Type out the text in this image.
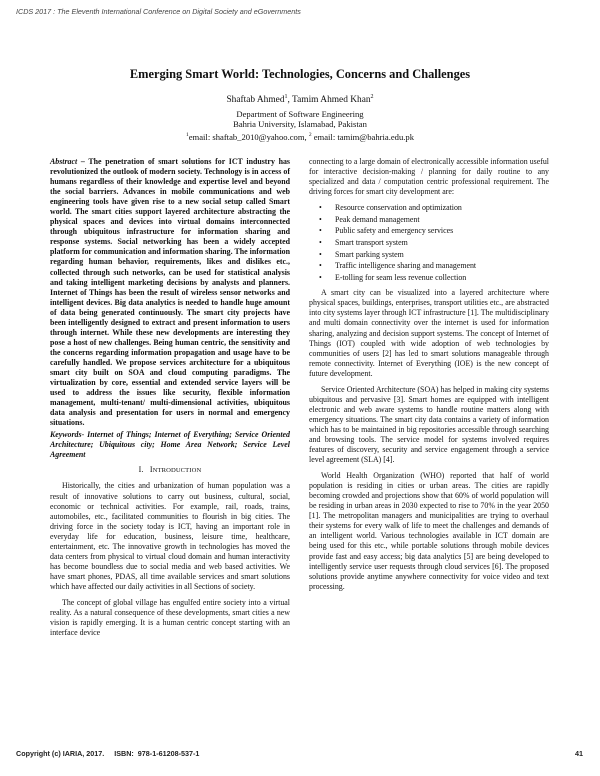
ICDS 2017 : The Eleventh International Conference on Digital Society and eGovernments
Emerging Smart World: Technologies, Concerns and Challenges
Shaftab Ahmed$^1$, Tamim Ahmed Khan$^2$
Department of Software Engineering
Bahria University, Islamabad, Pakistan
$^1$email: shaftab_2010@yahoo.com, $^2$ email: tamim@bahria.edu.pk

Abstract – The penetration of smart solutions for ICT industry has revolutionized the outlook of modern society. Technology is in access of humans regardless of their knowledge and expertise level and beyond the social barriers. Advances in mobile communications and web engineering tools have given rise to a new social setup called Smart world. The smart cities support layered architecture abstracting the physical spaces and devices into virtual domains interconnected through ubiquitous infrastructure for information sharing and response systems. Social networking has been a widely accepted platform for communication and information sharing. The information regarding human behavior, requirements, likes and dislikes etc., collected through such networks, can be used for statistical analysis and taking intelligent marketing decisions by analysts and planners. Internet of Things has been the result of wireless sensor networks and intelligent devices. Big data analytics is needed to handle huge amount of data being generated continuously. The smart city projects have been intelligently designed to extract and present information to users through internet. While these new developments are interesting they pose a host of new challenges. Being human centric, the sensitivity and the concerns regarding information propagation and usage have to be carefully handled. We propose services architecture for a ubiquitous smart city built on SOA and cloud computing paradigms. The virtualization by core, essential and extended service layers will be used to address the issues like security, flexible information management, multi-tenant/ multi-dimensional activities, ubiquitous data analysis and presentation for users in normal and emergency situations.

Keywords- Internet of Things; Internet of Everything; Service Oriented Architecture; Ubiquitous city; Home Area Network; Service Level Agreement

I. INTRODUCTION

Historically, the cities and urbanization of human population was a result of innovative solutions to carry out business, cultural, social, economic or technical activities. For example, rail, roads, trains, automobiles, etc., facilitated communities to flourish in big cities. The driving force in the society today is ICT, having an important role in everyday life for education, business, leisure time, healthcare, entertainment, etc. The innovative growth in technologies has moved the data centers from physical to virtual cloud domain and human interactivity has become boundless due to social media and web based activities. We have smart phones, PDAS, all time available services and smart solutions which have affected our daily activities in all Sections of society.

The concept of global village has engulfed entire society into a virtual reality. As a natural consequence of these developments, smart cities a new vision is rapidly emerging. It is a human centric concept starting with an interface device

connecting to a large domain of electronically accessible information useful for interactive decision-making / planning for daily routine to any specialized and data / computation centric professional requirement. The driving forces for smart city development are:

• Resource conservation and optimization
• Peak demand management
• Public safety and emergency services
• Smart transport system
• Smart parking system
• Traffic intelligence sharing and management
• E-tolling for seam less revenue collection

A smart city can be visualized into a layered architecture where physical spaces, buildings, enterprises, transport utilities etc., are abstracted into city systems layer through ICT infrastructure [1]. The multidisciplinary and multi domain connectivity over the internet is used for information sharing, analyzing and decision support systems. The concept of Internet of Things (IOT) coupled with wide adoption of web technologies by communities of users [2] has led to smart solutions manageable through remote connectivity. Internet of Everything (IOE) is the new concept of future development.

Service Oriented Architecture (SOA) has helped in making city systems ubiquitous and pervasive [3]. Smart homes are equipped with intelligent electronic and web aware systems to handle routine matters along with emergency situations. The smart city data contains a variety of information which has to be maintained in big repositories accessible through searching and browsing tools. The service model for systems involved requires features of discovery, security and service engagement through a service level agreement (SLA) [4].

World Health Organization (WHO) reported that half of world population is residing in cities or urban areas. The cities are rapidly becoming crowded and projections show that 60% of world population will be residing in urban areas in 2030 expected to rise to 70% in the year 2050 [1]. The metropolitan managers and municipalities are trying to overhaul their systems for every walk of life to meet the challenges and demands of an intelligent world. Various technologies available in ICT domain are being used for this etc., while portable solutions through mobile devices provide fast and easy access; big data analytics [5] are being developed to intelligently service user requests through cloud services [6]. The proposed solutions provide anytime anywhere connectivity for voice video and text processing.

Copyright (c) IARIA, 2017.     ISBN:  978-1-61208-537-1	41
